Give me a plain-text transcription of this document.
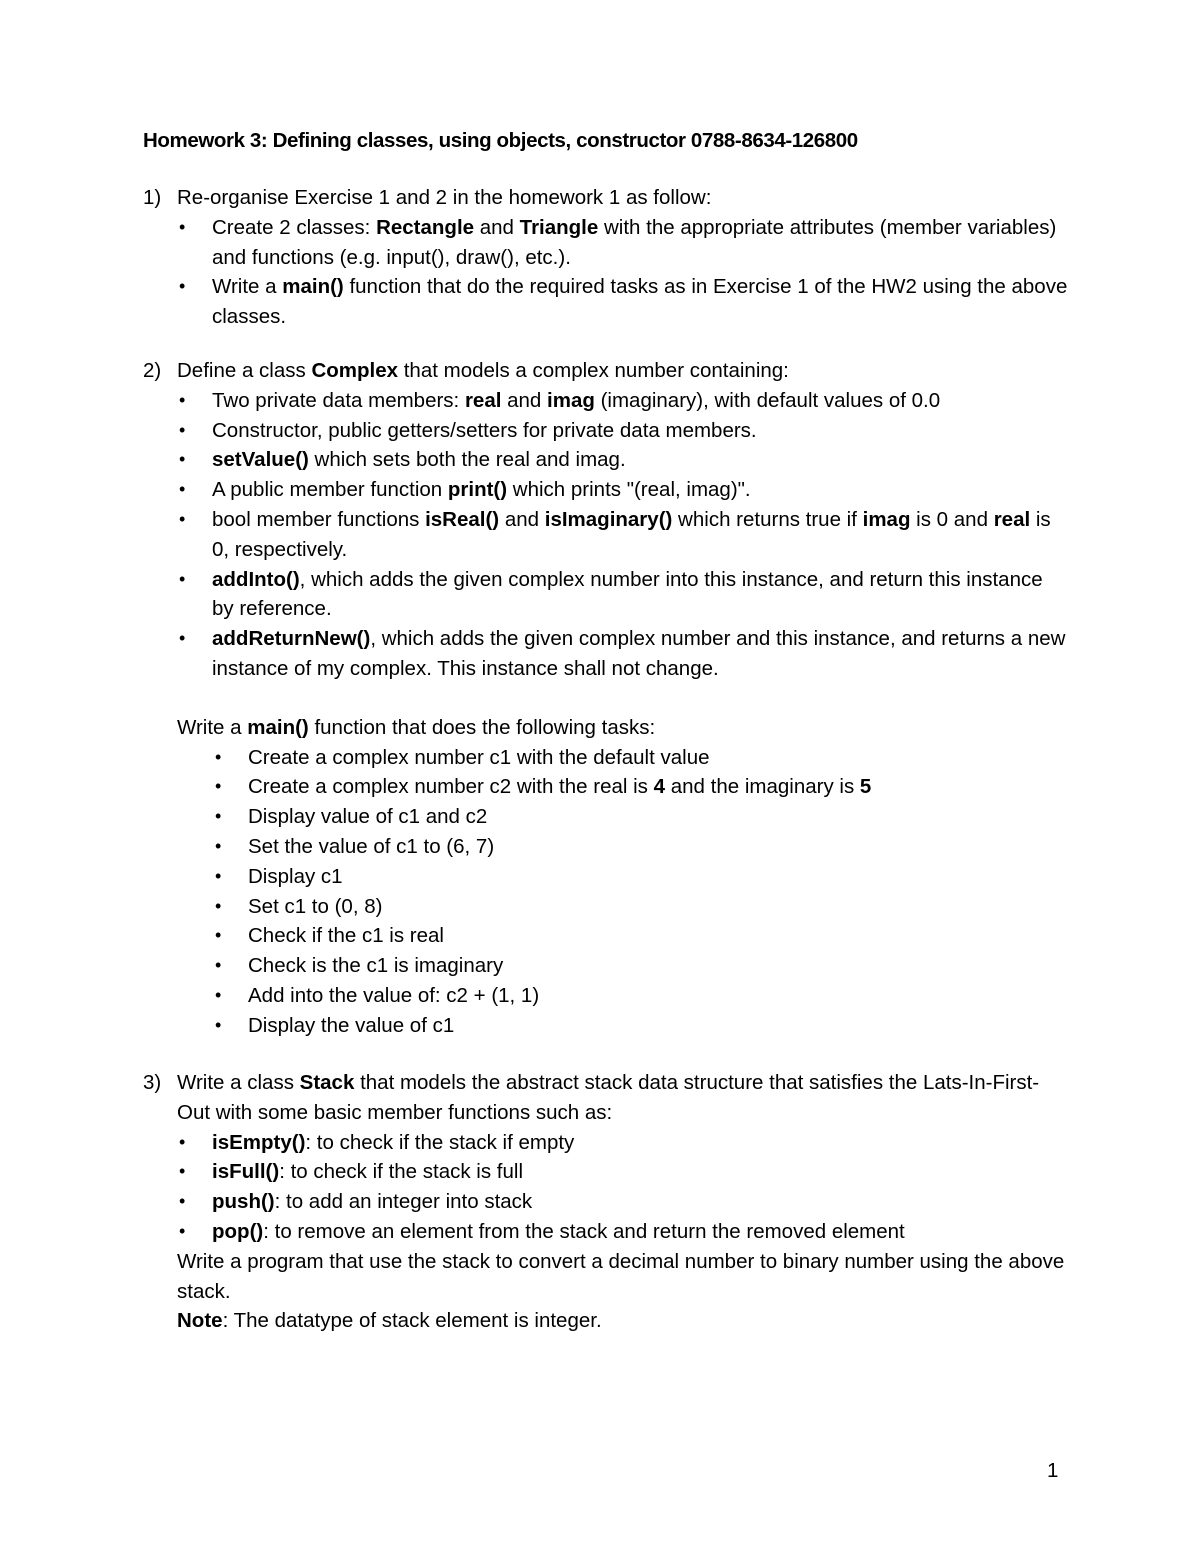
Homework 3: Defining classes, using objects, constructor 0788-8634-126800
1) Re-organise Exercise 1 and 2 in the homework 1 as follow:
•
Create 2 classes: Rectangle and Triangle with the appropriate attributes (member variables) and functions (e.g. input(), draw(), etc.).
•
Write a main() function that do the required tasks as in Exercise 1 of the HW2 using the above classes.
2) Define a class Complex that models a complex number containing:
•
Two private data members: real and imag (imaginary), with default values of 0.0
•
Constructor, public getters/setters for private data members.
•
setValue() which sets both the real and imag.
•
A public member function print() which prints "(real, imag)".
•
bool member functions isReal() and isImaginary() which returns true if imag is 0 and real is 0, respectively.
•
addInto(), which adds the given complex number into this instance, and return this instance by reference.
•
addReturnNew(), which adds the given complex number and this instance, and returns a new instance of my complex. This instance shall not change.
Write a main() function that does the following tasks:
•
Create a complex number c1 with the default value
•
Create a complex number c2 with the real is 4 and the imaginary is 5
•
Display value of c1 and c2
•
Set the value of c1 to (6, 7)
•
Display c1
•
Set c1 to (0, 8)
•
Check if the c1 is real
•
Check is the c1 is imaginary
•
Add into the value of: c2 + (1, 1)
•
Display the value of c1
3) Write a class Stack that models the abstract stack data structure that satisfies the Lats-In-First-Out with some basic member functions such as:
•
isEmpty(): to check if the stack if empty
•
isFull(): to check if the stack is full
•
push(): to add an integer into stack
•
pop(): to remove an element from the stack and return the removed element
Write a program that use the stack to convert a decimal number to binary number using the above stack.
Note: The datatype of stack element is integer.
1
